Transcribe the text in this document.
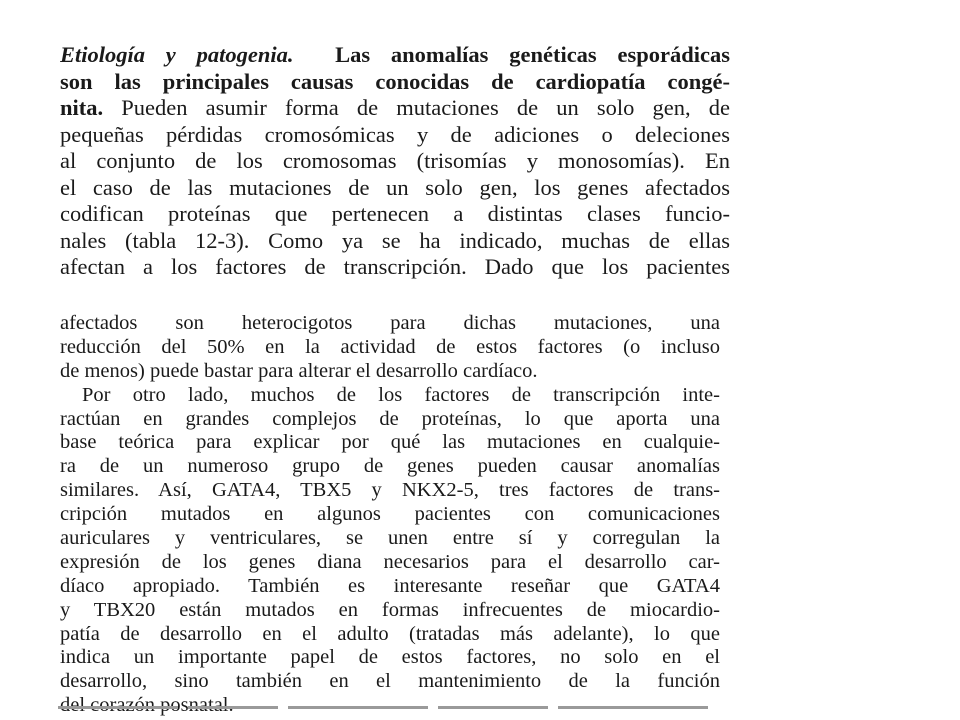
Etiología y patogenia. Las anomalías genéticas esporádicas
son las principales causas conocidas de cardiopatía congé-
nita. Pueden asumir forma de mutaciones de un solo gen, de
pequeñas pérdidas cromosómicas y de adiciones o deleciones
al conjunto de los cromosomas (trisomías y monosomías). En
el caso de las mutaciones de un solo gen, los genes afectados
codifican proteínas que pertenecen a distintas clases funcio-
nales (tabla 12-3). Como ya se ha indicado, muchas de ellas
afectan a los factores de transcripción. Dado que los pacientes
afectados son heterocigotos para dichas mutaciones, una
reducción del 50% en la actividad de estos factores (o incluso
de menos) puede bastar para alterar el desarrollo cardíaco.
Por otro lado, muchos de los factores de transcripción inte-
ractúan en grandes complejos de proteínas, lo que aporta una
base teórica para explicar por qué las mutaciones en cualquie-
ra de un numeroso grupo de genes pueden causar anomalías
similares. Así, GATA4, TBX5 y NKX2-5, tres factores de trans-
cripción mutados en algunos pacientes con comunicaciones
auriculares y ventriculares, se unen entre sí y corregulan la
expresión de los genes diana necesarios para el desarrollo car-
díaco apropiado. También es interesante reseñar que GATA4
y TBX20 están mutados en formas infrecuentes de miocardio-
patía de desarrollo en el adulto (tratadas más adelante), lo que
indica un importante papel de estos factores, no solo en el
desarrollo, sino también en el mantenimiento de la función
